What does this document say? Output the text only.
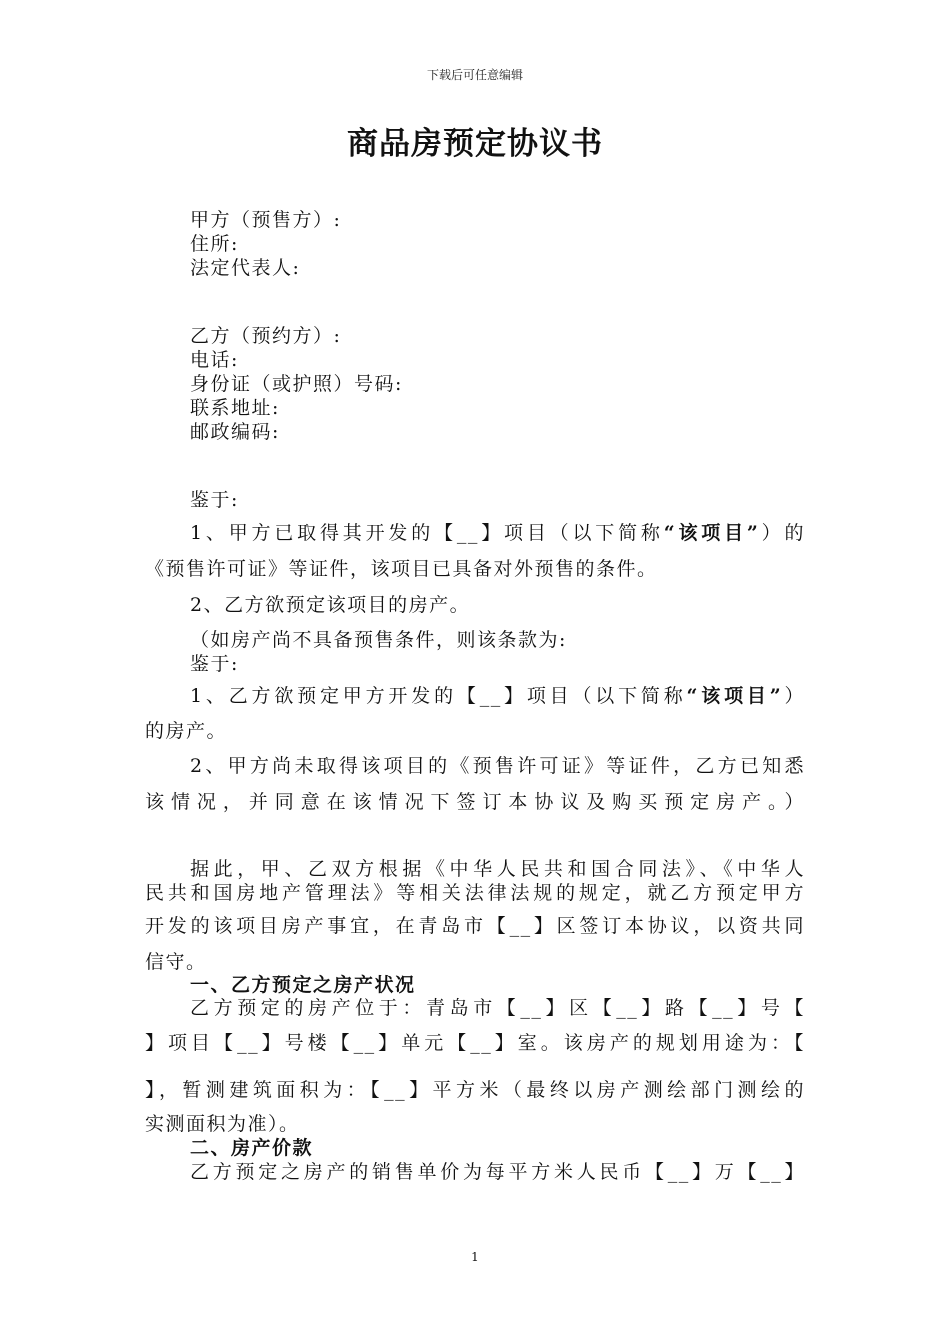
下载后可任意编辑
商品房预定协议书
甲方（预售方）:
住所:
法定代表人:
乙方（预约方）:
电话:
身份证（或护照）号码:
联系地址:
邮政编码:
鉴于:
1、甲方已取得其开发的【__】项目（以下简称“该项目”）的
《预售许可证》等证件，该项目已具备对外预售的条件。
2、乙方欲预定该项目的房产。
（如房产尚不具备预售条件，则该条款为:
鉴于:
1、乙方欲预定甲方开发的【__】项目（以下简称“该项目”）
的房产。
2、甲方尚未取得该项目的《预售许可证》等证件，乙方已知悉
该情况，并同意在该情况下签订本协议及购买预定房产。）
据此，甲、乙双方根据《中华人民共和国合同法》、《中华人
民共和国房地产管理法》等相关法律法规的规定，就乙方预定甲方
开发的该项目房产事宜，在青岛市【__】区签订本协议，以资共同
信守。
一、乙方预定之房产状况
乙方预定的房产位于：青岛市【__】区【__】路【__】号【
】项目【__】号楼【__】单元【__】室。该房产的规划用途为：【
】，暂测建筑面积为：【__】平方米（最终以房产测绘部门测绘的
实测面积为准）。
二、房产价款
乙方预定之房产的销售单价为每平方米人民币【__】万【__】
1
